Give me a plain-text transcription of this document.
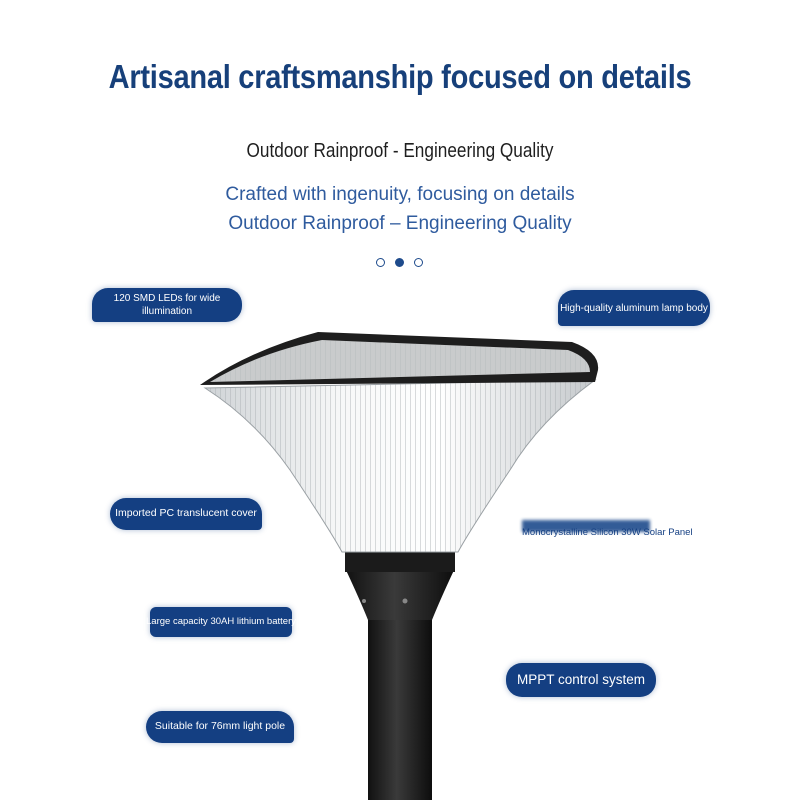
Artisanal craftsmanship focused on details
Outdoor Rainproof - Engineering Quality
Crafted with ingenuity, focusing on details
Outdoor Rainproof – Engineering Quality
120 SMD LEDs for wide illumination	High-quality aluminum lamp body
Imported PC translucent cover
Monocrystalline Silicon 30W Solar Panel
Large capacity 30AH lithium battery
MPPT control system
Suitable for 76mm light pole
